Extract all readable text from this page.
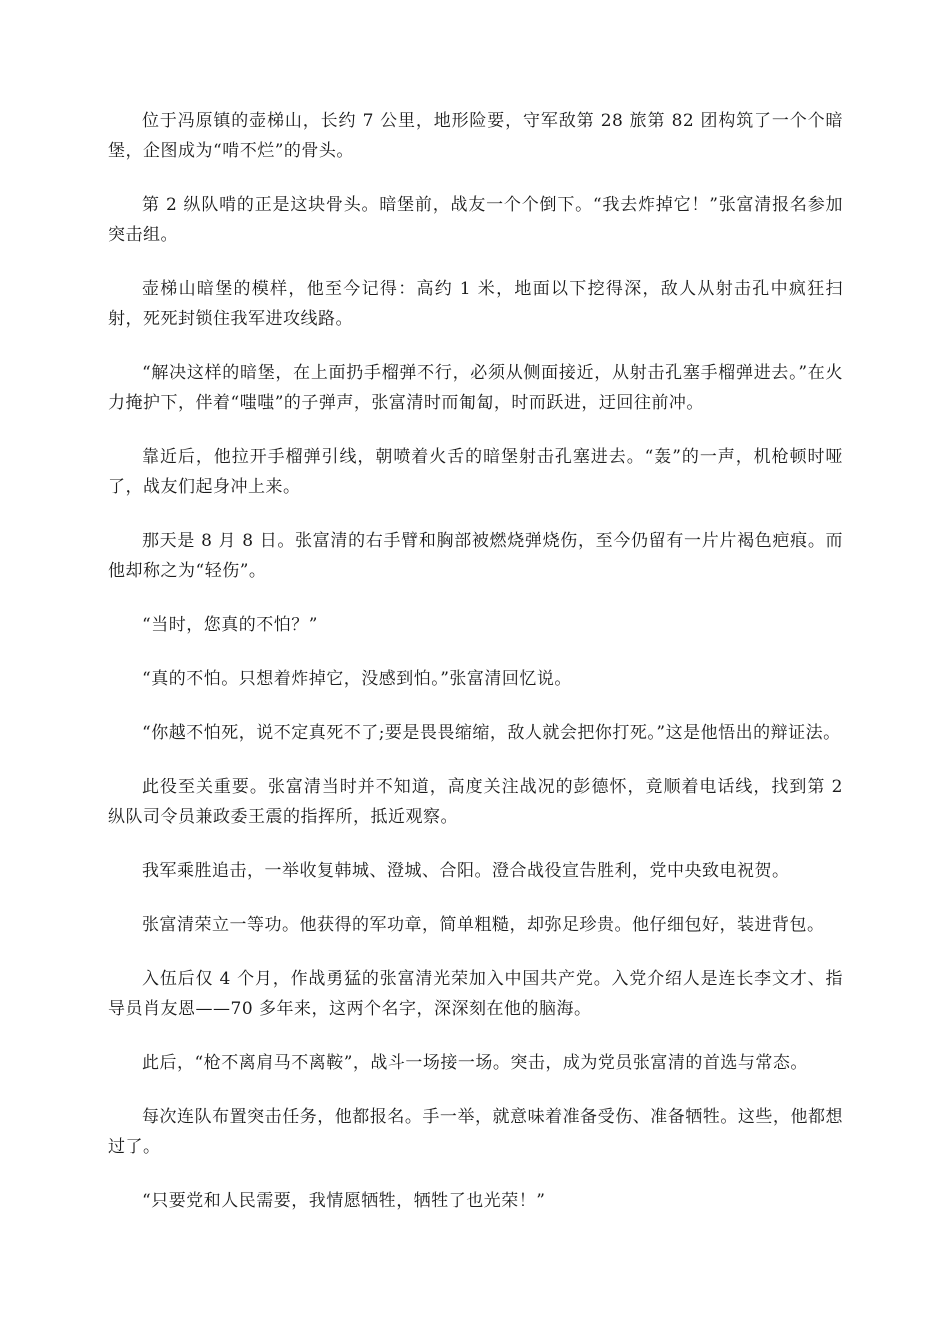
位于冯原镇的壶梯山，长约 7 公里，地形险要，守军敌第 28 旅第 82 团构筑了一个个暗堡，企图成为“啃不烂”的骨头。

第 2 纵队啃的正是这块骨头。暗堡前，战友一个个倒下。“我去炸掉它！”张富清报名参加突击组。

壶梯山暗堡的模样，他至今记得：高约 1 米，地面以下挖得深，敌人从射击孔中疯狂扫射，死死封锁住我军进攻线路。

“解决这样的暗堡，在上面扔手榴弹不行，必须从侧面接近，从射击孔塞手榴弹进去。”在火力掩护下，伴着“嗤嗤”的子弹声，张富清时而匍匐，时而跃进，迂回往前冲。

靠近后，他拉开手榴弹引线，朝喷着火舌的暗堡射击孔塞进去。“轰”的一声，机枪顿时哑了，战友们起身冲上来。

那天是 8 月 8 日。张富清的右手臂和胸部被燃烧弹烧伤，至今仍留有一片片褐色疤痕。而他却称之为“轻伤”。

“当时，您真的不怕？”

“真的不怕。只想着炸掉它，没感到怕。”张富清回忆说。

“你越不怕死，说不定真死不了;要是畏畏缩缩，敌人就会把你打死。”这是他悟出的辩证法。

此役至关重要。张富清当时并不知道，高度关注战况的彭德怀，竟顺着电话线，找到第 2 纵队司令员兼政委王震的指挥所，抵近观察。

我军乘胜追击，一举收复韩城、澄城、合阳。澄合战役宣告胜利，党中央致电祝贺。

张富清荣立一等功。他获得的军功章，简单粗糙，却弥足珍贵。他仔细包好，装进背包。

入伍后仅 4 个月，作战勇猛的张富清光荣加入中国共产党。入党介绍人是连长李文才、指导员肖友恩——70 多年来，这两个名字，深深刻在他的脑海。

此后，“枪不离肩马不离鞍”，战斗一场接一场。突击，成为党员张富清的首选与常态。

每次连队布置突击任务，他都报名。手一举，就意味着准备受伤、准备牺牲。这些，他都想过了。

“只要党和人民需要，我情愿牺牲，牺牲了也光荣！”
